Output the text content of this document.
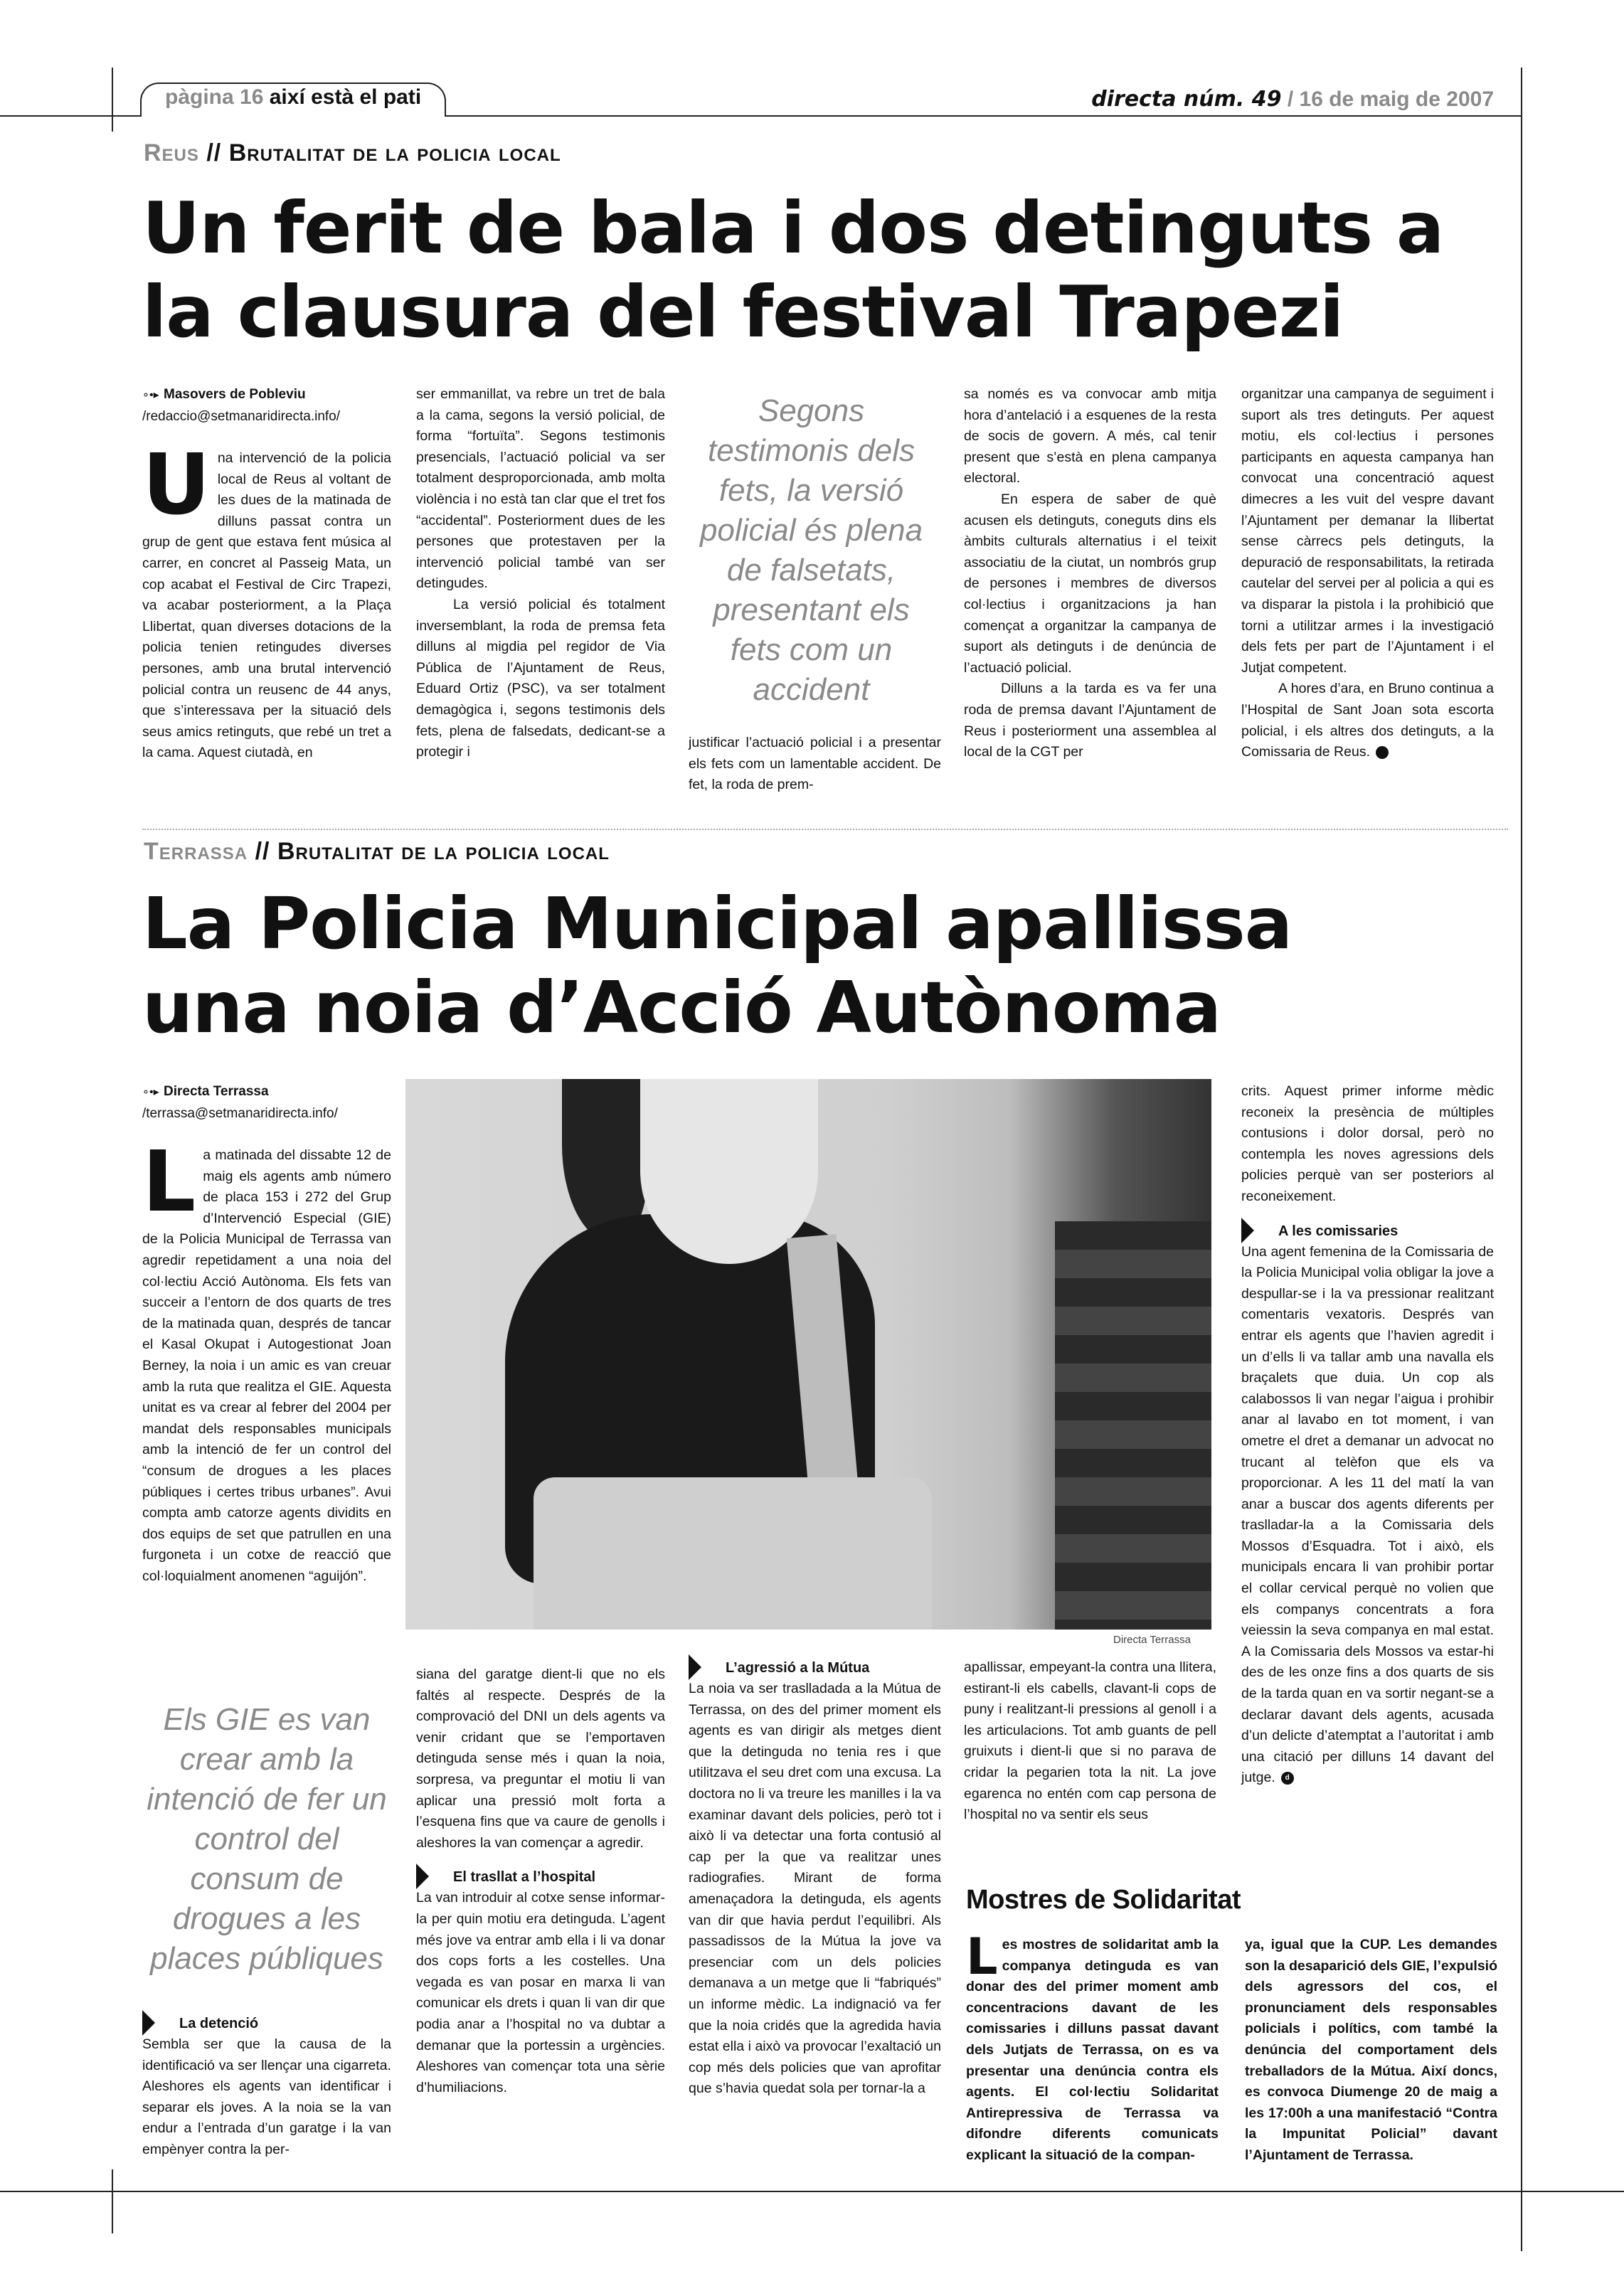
pàgina 16 així està el pati	directa núm. 49 / 16 de maig de 2007
Reus // Brutalitat de la policia local
Un ferit de bala i dos detinguts a la clausura del festival Trapezi
∘•▸ Masovers de Pobleviu
/redaccio@setmanaridirecta.info/
U na intervenció de la policia local de Reus al voltant de les dues de la matinada de dilluns passat contra un grup de gent que estava fent música al carrer, en concret al Passeig Mata, un cop acabat el Festival de Circ Trapezi, va acabar posteriorment, a la Plaça Llibertat, quan diverses dotacions de la policia tenien retingudes diverses persones, amb una brutal intervenció policial contra un reusenc de 44 anys, que s’interessava per la situació dels seus amics retinguts, que rebé un tret a la cama. Aquest ciutadà, en

ser emmanillat, va rebre un tret de bala a la cama, segons la versió policial, de forma “fortuïta”. Segons testimonis presencials, l’actuació policial va ser totalment desproporcionada, amb molta violència i no està tan clar que el tret fos “accidental”. Posteriorment dues de les persones que protestaven per la intervenció policial també van ser detingudes.

La versió policial és totalment inversemblant, la roda de premsa feta dilluns al migdia pel regidor de Via Pública de l’Ajuntament de Reus, Eduard Ortiz (PSC), va ser totalment demagògica i, segons testimonis dels fets, plena de falsedats, dedicant-se a protegir i

Segons testimonis dels fets, la versió policial és plena de falsetats, presentant els fets com un accident

justificar l’actuació policial i a presentar els fets com un lamentable accident. De fet, la roda de prem-

sa només es va convocar amb mitja hora d’antelació i a esquenes de la resta de socis de govern. A més, cal tenir present que s’està en plena campanya electoral.

En espera de saber de què acusen els detinguts, coneguts dins els àmbits culturals alternatius i el teixit associatiu de la ciutat, un nombrós grup de persones i membres de diversos col·lectius i organitzacions ja han començat a organitzar la campanya de suport als detinguts i de denúncia de l’actuació policial.

Dilluns a la tarda es va fer una roda de premsa davant l’Ajuntament de Reus i posteriorment una assemblea al local de la CGT per

organitzar una campanya de seguiment i suport als tres detinguts. Per aquest motiu, els col·lectius i persones participants en aquesta campanya han convocat una concentració aquest dimecres a les vuit del vespre davant l’Ajuntament per demanar la llibertat sense càrrecs pels detinguts, la depuració de responsabilitats, la retirada cautelar del servei per al policia a qui es va disparar la pistola i la prohibició que torni a utilitzar armes i la investigació dels fets per part de l’Ajuntament i el Jutjat competent.

A hores d’ara, en Bruno continua a l’Hospital de Sant Joan sota escorta policial, i els altres dos detinguts, a la Comissaria de Reus.	d

Terrassa // Brutalitat de la policia local
La Policia Municipal apallissa una noia d’Acció Autònoma
∘•▸ Directa Terrassa
/terrassa@setmanaridirecta.info/
L a matinada del dissabte 12 de maig els agents amb número de placa 153 i 272 del Grup d’Intervenció Especial (GIE) de la Policia Municipal de Terrassa van agredir repetidament a una noia del col·lectiu Acció Autònoma. Els fets van succeir a l’entorn de dos quarts de tres de la matinada quan, després de tancar el Kasal Okupat i Autogestionat Joan Berney, la noia i un amic es van creuar amb la ruta que realitza el GIE. Aquesta unitat es va crear al febrer del 2004 per mandat dels responsables municipals amb la intenció de fer un control del “consum de drogues a les places públiques i certes tribus urbanes”. Avui compta amb catorze agents dividits en dos equips de set que patrullen en una furgoneta i un cotxe de reacció que col·loquialment anomenen “aguijón”.

Els GIE es van crear amb la intenció de fer un control del consum de drogues a les places públiques
La detenció

Sembla ser que la causa de la identificació va ser llençar una cigarreta. Aleshores els agents van identificar i separar els joves. A la noia se la van endur a l’entrada d’un garatge i la van empènyer contra la per-

Directa Terrassa

siana del garatge dient-li que no els faltés al respecte. Després de la comprovació del DNI un dels agents va venir cridant que se l’emportaven detinguda sense més i quan la noia, sorpresa, va preguntar el motiu li van aplicar una pressió molt forta a l’esquena fins que va caure de genolls i aleshores la van començar a agredir.

El trasllat a l’hospital

La van introduir al cotxe sense informar-la per quin motiu era detinguda. L’agent més jove va entrar amb ella i li va donar dos cops forts a les costelles. Una vegada es van posar en marxa li van comunicar els drets i quan li van dir que podia anar a l’hospital no va dubtar a demanar que la portessin a urgències. Aleshores van començar tota una sèrie d’humiliacions.

L’agressió a la Mútua

La noia va ser traslladada a la Mútua de Terrassa, on des del primer moment els agents es van dirigir als metges dient que la detinguda no tenia res i que utilitzava el seu dret com una excusa. La doctora no li va treure les manilles i la va examinar davant dels policies, però tot i això li va detectar una forta contusió al cap per la que va realitzar unes radiografies. Mirant de forma amenaçadora la detinguda, els agents van dir que havia perdut l’equilibri. Als passadissos de la Mútua la jove va presenciar com un dels policies demanava a un metge que li “fabriqués” un informe mèdic. La indignació va fer que la noia cridés que la agredida havia estat ella i això va provocar l’exaltació un cop més dels policies que van aprofitar que s’havia quedat sola per tornar-la a

apallissar, empeyant-la contra una llitera, estirant-li els cabells, clavant-li cops de puny i realitzant-li pressions al genoll i a les articulacions. Tot amb guants de pell gruixuts i dient-li que si no parava de cridar la pegarien tota la nit. La jove egarenca no entén com cap persona de l’hospital no va sentir els seus

crits. Aquest primer informe mèdic reconeix la presència de múltiples contusions i dolor dorsal, però no contempla les noves agressions dels policies perquè van ser posteriors al reconeixement.

A les comissaries

Una agent femenina de la Comissaria de la Policia Municipal volia obligar la jove a despullar-se i la va pressionar realitzant comentaris vexatoris. Després van entrar els agents que l’havien agredit i un d’ells li va tallar amb una navalla els braçalets que duia. Un cop als calabossos li van negar l’aigua i prohibir anar al lavabo en tot moment, i van ometre el dret a demanar un advocat no trucant al telèfon que els va proporcionar. A les 11 del matí la van anar a buscar dos agents diferents per traslladar-la a la Comissaria dels Mossos d’Esquadra. Tot i això, els municipals encara li van prohibir portar el collar cervical perquè no volien que els companys concentrats a fora veiessin la seva companya en mal estat. A la Comissaria dels Mossos va estar-hi des de les onze fins a dos quarts de sis de la tarda quan en va sortir negant-se a declarar davant dels agents, acusada d’un delicte d’atemptat a l’autoritat i amb una citació per dilluns 14 davant del jutge. d

Mostres de Solidaritat
L es mostres de solidaritat amb la companya detinguda es van donar des del primer moment amb concentracions davant de les comissaries i dilluns passat davant dels Jutjats de Terrassa, on es va presentar una denúncia contra els agents. El col·lectiu Solidaritat Antirepressiva de Terrassa va difondre diferents comunicats explicant la situació de la compan-

ya, igual que la CUP. Les demandes son la desaparició dels GIE, l’expulsió dels agressors del cos, el pronunciament dels responsables policials i polítics, com també la denúncia del comportament dels treballadors de la Mútua. Així doncs, es convoca Diumenge 20 de maig a les 17:00h a una manifestació “Contra la Impunitat Policial” davant l’Ajuntament de Terrassa.
